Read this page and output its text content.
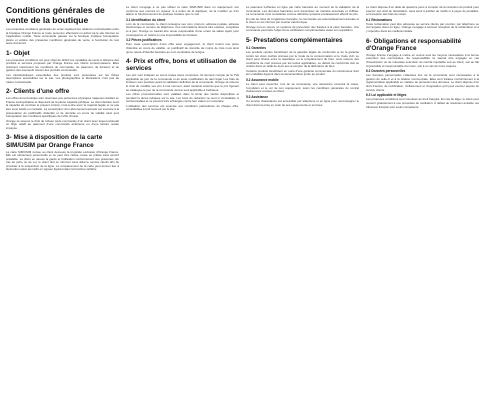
Conditions générales de vente de la boutique

Les présentes conditions générales de vente régissent les relations contractuelles entre la boutique Orange France et toute personne effectuant un achat via le site Internet ou l'application mobile. Toute commande passée sur la boutique implique l'acceptation pleine et entière des présentes conditions générales de vente, à l'exclusion de tout autre document.

1- Objet

Les présentes conditions ont pour objet de définir les modalités de vente à distance des produits et services proposés par Orange France aux clients consommateurs. Elles précisent notamment les conditions de commande, de paiement, de livraison et de gestion des éventuels retours des produits commandés.

Les caractéristiques essentielles des produits sont présentées sur les fiches descriptives accessibles sur le site. Les photographies et illustrations n'ont pas de valeur contractuelle.

2- Clients d'une offre

Les offres de la boutique sont réservées aux personnes physiques majeures résidant en France métropolitaine et disposant de la pleine capacité juridique. Le client déclare avoir la capacité de conclure le présent contrat, c'est-à-dire avoir la majorité légale et ne pas être sous tutelle ou curatelle. La souscription d'un abonnement associé est soumise à la présentation de justificatifs d'identité et de domicile en cours de validité ainsi qu'à l'acceptation des conditions spécifiques de l'offre choisie.

Orange se réserve le droit de refuser toute commande d'un client avec lequel existerait un litige relatif au paiement d'une commande antérieure ou d'une facture restée impayée.

3- Mise à disposition de la carte SIM/USIM par Orange France

La carte SIM/USIM remise au client demeure la propriété exclusive d'Orange France. Elle est strictement personnelle et ne peut être cédée, louée ou prêtée sans accord préalable. Le client en assure la garde et l'utilisation conformément aux présentes. En cas de perte ou de vol, le client doit en informer sans délai le service clients afin de procéder à la suspension de la ligne. Le remplacement de la carte peut donner lieu à facturation selon les tarifs en vigueur figurant dans la brochure tarifaire.

Le client s'engage à ne pas utiliser la carte SIM/USIM dans un équipement non conforme aux normes en vigueur ni à tenter de la dupliquer, de la modifier ou d'en altérer le fonctionnement de quelque manière que ce soit.

3.1 Identification du client

Lors de la commande, le client renseigne ses nom, prénom, adresse postale, adresse électronique et numéro de téléphone. Ces informations doivent être exactes, complètes et à jour. Orange ne saurait être tenue responsable d'une erreur de saisie ayant pour conséquence un retard ou une impossibilité de livraison.

3.2 Pièces justificatives

Pour toute souscription d'une offre avec engagement, le client fournit une pièce d'identité en cours de validité, un justificatif de domicile de moins de trois mois ainsi qu'un relevé d'identité bancaire au nom du titulaire de la ligne.

4- Prix et offre, bons et utilisation de services

Les prix sont indiqués en euros toutes taxes comprises. Ils tiennent compte de la TVA applicable au jour de la commande et de toute modification du taux légal. Les frais de livraison sont précisés avant la validation définitive de la commande. Orange se réserve le droit de modifier ses prix à tout moment, étant toutefois entendu que le prix figurant au catalogue le jour de la commande sera le seul applicable à l'acheteur.

Les offres promotionnelles sont valables dans la limite des stocks disponibles et pendant la durée indiquée sur le site. Les bons de réduction ne sont ni cumulables ni remboursables et ne peuvent être échangés contre leur valeur en numéraire.

L'utilisation des services est soumise aux conditions particulières de chaque offre, consultables à tout moment sur le site.

Le paiement s'effectue en ligne par carte bancaire au moment de la validation de la commande. Les données bancaires sont transmises de manière sécurisée et chiffrée. La commande n'est considérée comme définitive qu'après encaissement effectif du prix.

En cas de refus de l'organisme bancaire, la commande est automatiquement annulée et le client en est informé par courrier électronique.

Orange met en œuvre un système de prévention des fraudes à la carte bancaire. Une commande peut faire l'objet d'une vérification complémentaire avant son expédition.

5- Prestations complémentaires
5.1 Garanties

Les produits vendus bénéficient de la garantie légale de conformité et de la garantie contre les vices cachés prévues par le Code de la consommation et le Code civil. Le client peut choisir entre la réparation ou le remplacement du bien, sous réserve des conditions de coût prévues par les textes applicables. Le défaut de conformité doit se révéler dans un délai de deux ans à compter de la délivrance du bien.

Certains produits bénéficient en outre d'une garantie commerciale du constructeur dont les modalités figurent dans la documentation jointe au produit.

5.2 Assurance mobile

Le client peut souscrire, lors de sa commande, une assurance couvrant la casse, l'oxydation et le vol de son équipement, selon les conditions générales du contrat d'assurance remises au client.

5.3 Assistance

Un service d'assistance est accessible par téléphone et en ligne pour accompagner le client dans la prise en main de ses équipements et services.

Le client dispose d'un délai de quatorze jours à compter de la réception du produit pour exercer son droit de rétractation, sans avoir à justifier de motifs ni à payer de pénalités, à l'exception des frais de retour.

6.1 Réclamations

Toute réclamation peut être adressée au service clients par courrier, par téléphone ou via l'espace client en ligne. Orange s'engage à accuser réception de la réclamation et à y répondre dans les meilleurs délais.

6- Obligations et responsabilité d'Orange France

Orange France s'engage à mettre en œuvre tous les moyens nécessaires à la bonne exécution des commandes. Sa responsabilité ne saurait être engagée en cas d'inexécution ou de mauvaise exécution du contrat imputable soit au client, soit au fait imprévisible et insurmontable d'un tiers, soit à un cas de force majeure.

6.2 Données personnelles

Les données personnelles collectées lors de la commande sont nécessaires à la gestion de celle-ci et à la relation commerciale. Elles sont traitées conformément à la réglementation applicable en matière de protection des données. Le client dispose d'un droit d'accès, de rectification, d'effacement et d'opposition qu'il peut exercer auprès du service clients.

6.3 Loi applicable et litiges

Les présentes conditions sont soumises au droit français. En cas de litige, le client peut recourir gratuitement à une procédure de médiation. À défaut de résolution amiable, les tribunaux français sont seuls compétents.
